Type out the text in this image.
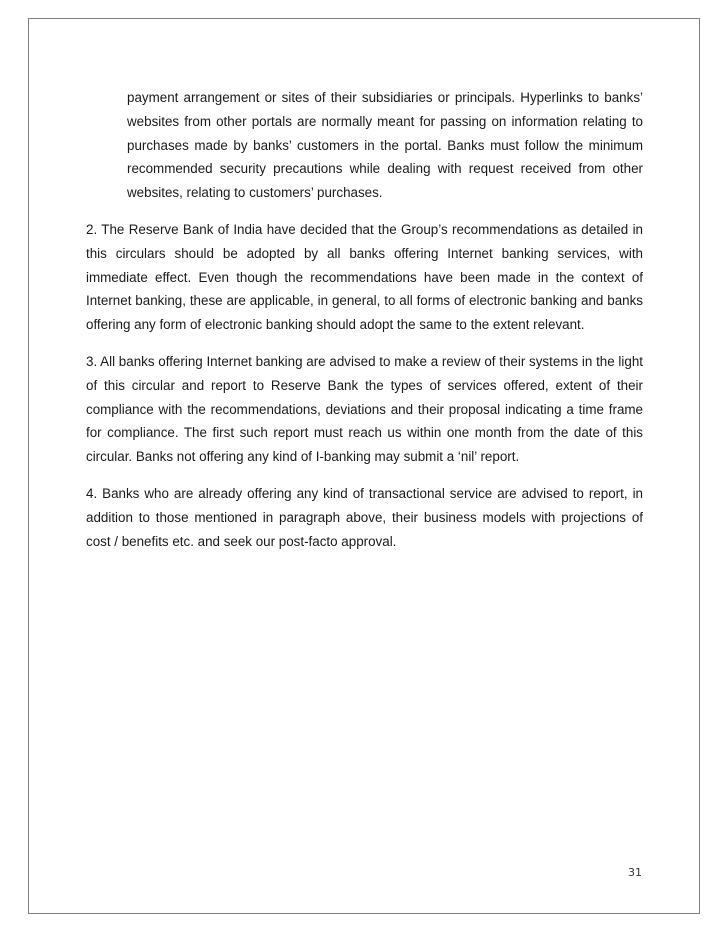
payment arrangement or sites of their subsidiaries or principals. Hyperlinks to banks’ websites from other portals are normally meant for passing on information relating to purchases made by banks’ customers in the portal. Banks must follow the minimum recommended security precautions while dealing with request received from other websites, relating to customers’ purchases.

2. The Reserve Bank of India have decided that the Group’s recommendations as detailed in this circulars should be adopted by all banks offering Internet banking services, with immediate effect. Even though the recommendations have been made in the context of Internet banking, these are applicable, in general, to all forms of electronic banking and banks offering any form of electronic banking should adopt the same to the extent relevant.

3. All banks offering Internet banking are advised to make a review of their systems in the light of this circular and report to Reserve Bank the types of services offered, extent of their compliance with the recommendations, deviations and their proposal indicating a time frame for compliance. The first such report must reach us within one month from the date of this circular. Banks not offering any kind of I-banking may submit a ‘nil’ report.

4. Banks who are already offering any kind of transactional service are advised to report, in addition to those mentioned in paragraph above, their business models with projections of cost / benefits etc. and seek our post-facto approval.

31
